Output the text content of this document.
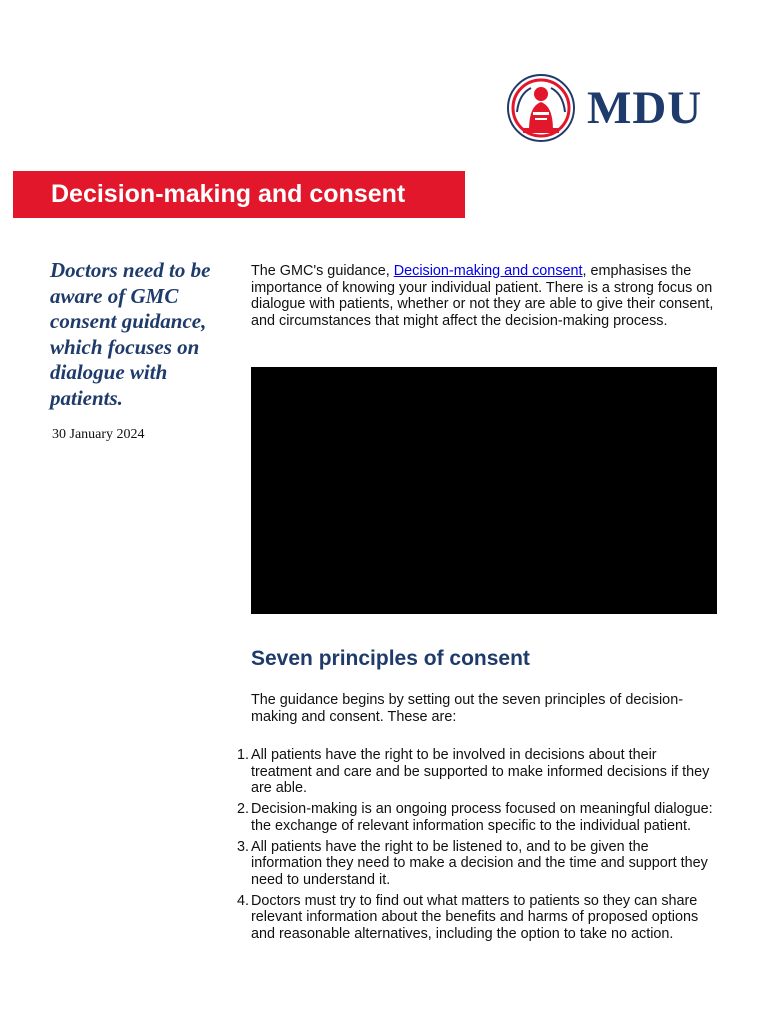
MDU
Decision-making and consent

Doctors need to be aware of GMC consent guidance, which focuses on dialogue with patients.

30 January 2024

The GMC's guidance, Decision-making and consent, emphasises the importance of knowing your individual patient. There is a strong focus on dialogue with patients, whether or not they are able to give their consent, and circumstances that might affect the decision-making process.

Seven principles of consent

The guidance begins by setting out the seven principles of decision-making and consent. These are:

1. All patients have the right to be involved in decisions about their treatment and care and be supported to make informed decisions if they are able.
2. Decision-making is an ongoing process focused on meaningful dialogue: the exchange of relevant information specific to the individual patient.
3. All patients have the right to be listened to, and to be given the information they need to make a decision and the time and support they need to understand it.
4. Doctors must try to find out what matters to patients so they can share relevant information about the benefits and harms of proposed options and reasonable alternatives, including the option to take no action.
